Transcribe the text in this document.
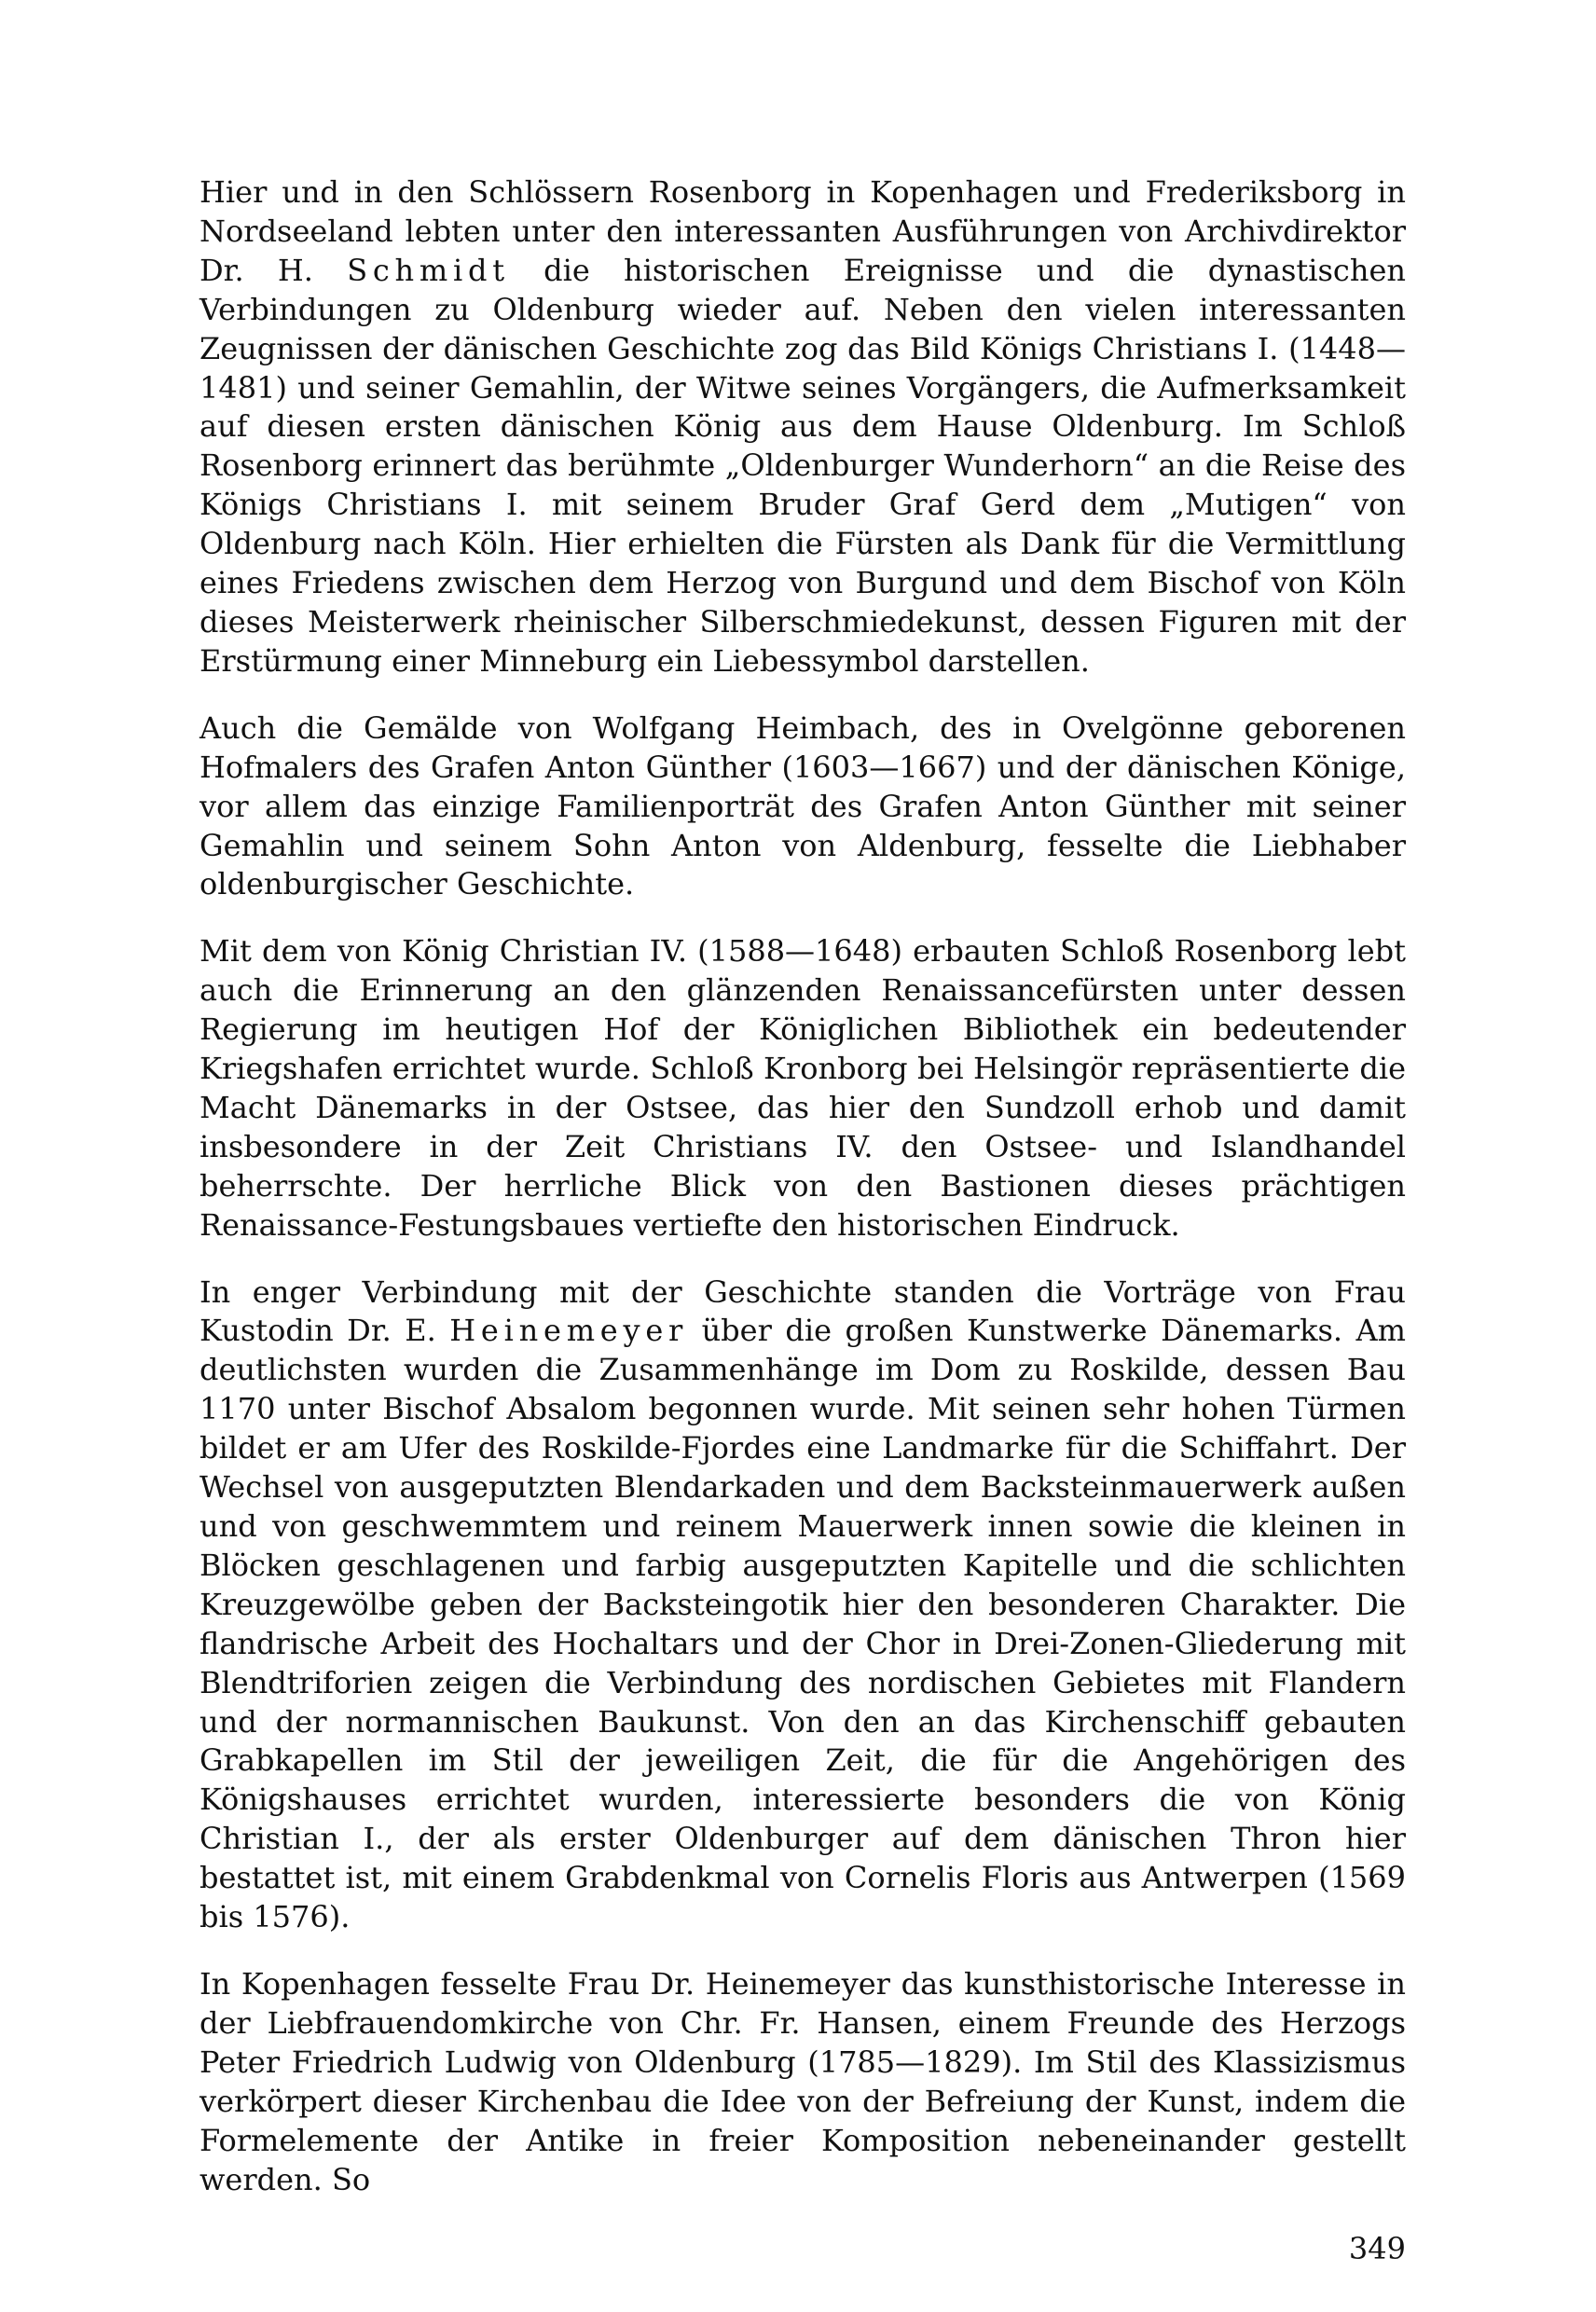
Hier und in den Schlössern Rosenborg in Kopenhagen und Frederiksborg in Nordseeland lebten unter den interessanten Ausführungen von Archivdirektor Dr. H. Schmidt die historischen Ereignisse und die dynastischen Verbindungen zu Oldenburg wieder auf. Neben den vielen interessanten Zeugnissen der dänischen Geschichte zog das Bild Königs Christians I. (1448—1481) und seiner Gemahlin, der Witwe seines Vorgängers, die Aufmerksamkeit auf diesen ersten dänischen König aus dem Hause Oldenburg. Im Schloß Rosenborg erinnert das berühmte „Oldenburger Wunderhorn“ an die Reise des Königs Christians I. mit seinem Bruder Graf Gerd dem „Mutigen“ von Oldenburg nach Köln. Hier erhielten die Fürsten als Dank für die Vermittlung eines Friedens zwischen dem Herzog von Burgund und dem Bischof von Köln dieses Meisterwerk rheinischer Silberschmiedekunst, dessen Figuren mit der Erstürmung einer Minneburg ein Liebessymbol darstellen.

Auch die Gemälde von Wolfgang Heimbach, des in Ovelgönne geborenen Hofmalers des Grafen Anton Günther (1603—1667) und der dänischen Könige, vor allem das einzige Familienporträt des Grafen Anton Günther mit seiner Gemahlin und seinem Sohn Anton von Aldenburg, fesselte die Liebhaber oldenburgischer Geschichte.

Mit dem von König Christian IV. (1588—1648) erbauten Schloß Rosenborg lebt auch die Erinnerung an den glänzenden Renaissancefürsten unter dessen Regierung im heutigen Hof der Königlichen Bibliothek ein bedeutender Kriegshafen errichtet wurde. Schloß Kronborg bei Helsingör repräsentierte die Macht Dänemarks in der Ostsee, das hier den Sundzoll erhob und damit insbesondere in der Zeit Christians IV. den Ostsee- und Islandhandel beherrschte. Der herrliche Blick von den Bastionen dieses prächtigen Renaissance-Festungsbaues vertiefte den historischen Eindruck.

In enger Verbindung mit der Geschichte standen die Vorträge von Frau Kustodin Dr. E. Heinemeyer über die großen Kunstwerke Dänemarks. Am deutlichsten wurden die Zusammenhänge im Dom zu Roskilde, dessen Bau 1170 unter Bischof Absalom begonnen wurde. Mit seinen sehr hohen Türmen bildet er am Ufer des Roskilde-Fjordes eine Landmarke für die Schiffahrt. Der Wechsel von ausgeputzten Blendarkaden und dem Backsteinmauerwerk außen und von geschwemmtem und reinem Mauerwerk innen sowie die kleinen in Blöcken geschlagenen und farbig ausgeputzten Kapitelle und die schlichten Kreuzgewölbe geben der Backsteingotik hier den besonderen Charakter. Die flandrische Arbeit des Hochaltars und der Chor in Drei-Zonen-Gliederung mit Blendtriforien zeigen die Verbindung des nordischen Gebietes mit Flandern und der normannischen Baukunst. Von den an das Kirchenschiff gebauten Grabkapellen im Stil der jeweiligen Zeit, die für die Angehörigen des Königshauses errichtet wurden, interessierte besonders die von König Christian I., der als erster Oldenburger auf dem dänischen Thron hier bestattet ist, mit einem Grabdenkmal von Cornelis Floris aus Antwerpen (1569 bis 1576).

In Kopenhagen fesselte Frau Dr. Heinemeyer das kunsthistorische Interesse in der Liebfrauendomkirche von Chr. Fr. Hansen, einem Freunde des Herzogs Peter Friedrich Ludwig von Oldenburg (1785—1829). Im Stil des Klassizismus verkörpert dieser Kirchenbau die Idee von der Befreiung der Kunst, indem die Formelemente der Antike in freier Komposition nebeneinander gestellt werden. So

349
